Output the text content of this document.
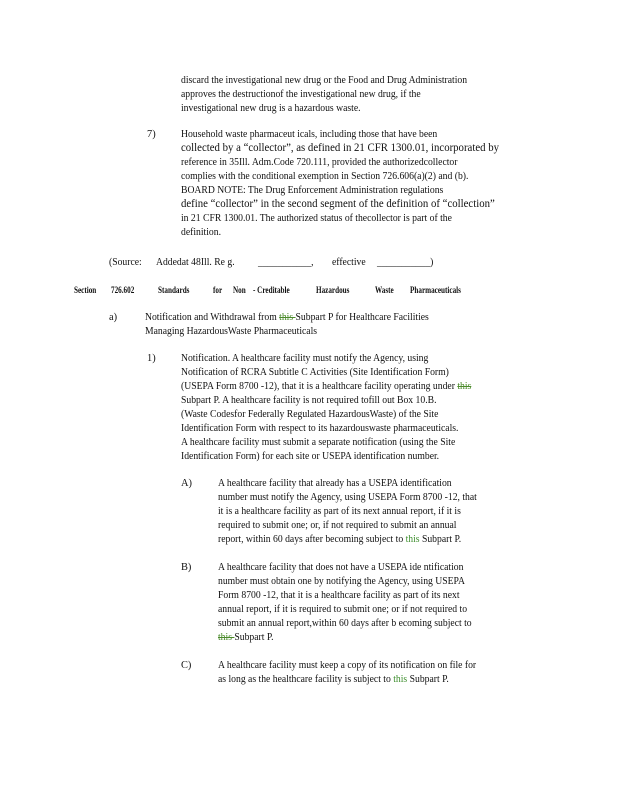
discard the investigational new drug or the Food and Drug Administration
approves the destructionof the investigational new drug, if the
investigational new drug is a hazardous waste.
7) Household waste pharmaceut icals, including those that have been
collected by a “collector”, as defined in 21 CFR 1300.01, incorporated by
reference in 35Ill. Adm.Code 720.111, provided the authorizedcollector
complies with the conditional exemption in Section 726.606(a)(2) and (b).
BOARD NOTE: The Drug Enforcement Administration regulations
define “collector” in the second segment of the definition of “collection”
in 21 CFR 1300.01. The authorized status of thecollector is part of the
definition.
(Source: Addedat 48Ill. Re g. ___________, effective ___________)
Section 726.602	Standards	for Non - Creditable	Hazardous	Waste Pharmaceuticals
a)	Notification and Withdrawal from this Subpart P for Healthcare Facilities
Managing HazardousWaste Pharmaceuticals
1) Notification. A healthcare facility must notify the Agency, using
Notification of RCRA Subtitle C Activities (Site Identification Form)
(USEPA Form 8700 -12), that it is a healthcare facility operating under this
Subpart P. A healthcare facility is not required tofill out Box 10.B.
(Waste Codesfor Federally Regulated HazardousWaste) of the Site
Identification Form with respect to its hazardouswaste pharmaceuticals.
A healthcare facility must submit a separate notification (using the Site
Identification Form) for each site or USEPA identification number.
A)	A healthcare facility that already has a USEPA identification
number must notify the Agency, using USEPA Form 8700 -12, that
it is a healthcare facility as part of its next annual report, if it is
required to submit one; or, if not required to submit an annual
report, within 60 days after becoming subject to this Subpart P.
B)	A healthcare facility that does not have a USEPA ide ntification
number must obtain one by notifying the Agency, using USEPA
Form 8700 -12, that it is a healthcare facility as part of its next
annual report, if it is required to submit one; or if not required to
submit an annual report,within 60 days after b ecoming subject to
this Subpart P.
C)	A healthcare facility must keep a copy of its notification on file for
as long as the healthcare facility is subject to this Subpart P.
